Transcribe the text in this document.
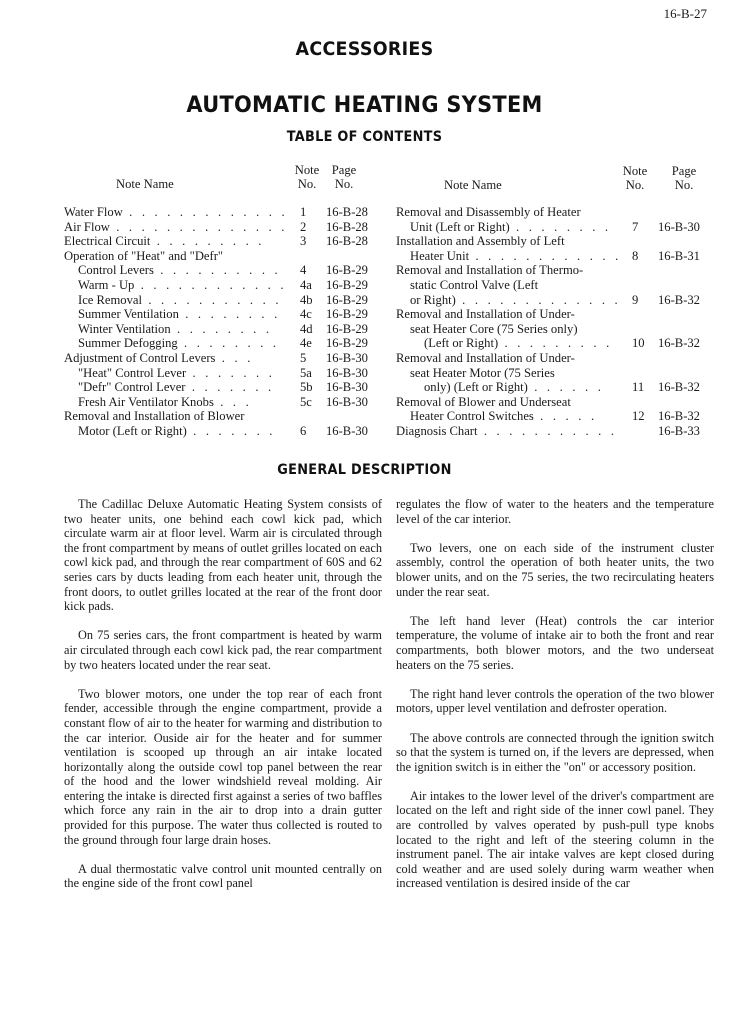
16-B-27
ACCESSORIES
AUTOMATIC HEATING SYSTEM
TABLE OF CONTENTS
Note Name
Note
No.
Page
No.
Water Flow . . . . . . . . . . . . . 1 16-B-28
Air Flow . . . . . . . . . . . . . . 2 16-B-28
Electrical Circuit . . . . . . . . .	3 16-B-28
Operation of "Heat" and "Defr"
Control Levers . . . . . . . . . . 4 16-B-29
Warm - Up . . . . . . . . . . . . 4a 16-B-29
Ice Removal . . . . . . . . . . . 4b 16-B-29
Summer Ventilation . . . . . . . . 4c 16-B-29
Winter Ventilation . . . . . . . . 4d 16-B-29
Summer Defogging . . . . . . . . 4e 16-B-29
Adjustment of Control Levers . . .	5 16-B-30
"Heat" Control Lever . . . . . . . 5a 16-B-30
"Defr" Control Lever . . . . . . . 5b 16-B-30
Fresh Air Ventilator Knobs . . .	5c 16-B-30
Removal and Installation of Blower
Motor (Left or Right) . . . . . . . 6 16-B-30
Note Name
Note
No.
Page
No.
Removal and Disassembly of Heater
Unit (Left or Right) . . . . . . . . 7 16-B-30
Installation and Assembly of Left
Heater Unit . . . . . . . . . . . . 8 16-B-31
Removal and Installation of Thermo-
static Control Valve (Left
or Right) . . . . . . . . . . . . . 9 16-B-32
Removal and Installation of Under-
seat Heater Core (75 Series only)
(Left or Right) . . . . . . . . . 10 16-B-32
Removal and Installation of Under-
seat Heater Motor (75 Series
only) (Left or Right) . . . . . . 11 16-B-32
Removal of Blower and Underseat
Heater Control Switches . . . . .	12 16-B-32
Diagnosis Chart . . . . . . . . . . .	16-B-33
GENERAL DESCRIPTION

The Cadillac Deluxe Automatic Heating System consists of two heater units, one behind each cowl kick pad, which circulate warm air at floor level. Warm air is circulated through the front compartment by means of outlet grilles located on each cowl kick pad, and through the rear compartment of 60S and 62 series cars by ducts leading from each heater unit, through the front doors, to outlet grilles located at the rear of the front door kick pads.

On 75 series cars, the front compartment is heated by warm air circulated through each cowl kick pad, the rear compartment by two heaters located under the rear seat.

Two blower motors, one under the top rear of each front fender, accessible through the engine compartment, provide a constant flow of air to the heater for warming and distribution to the car interior. Ouside air for the heater and for summer ventilation is scooped up through an air intake located horizontally along the outside cowl top panel between the rear of the hood and the lower windshield reveal molding. Air entering the intake is directed first against a series of two baffles which force any rain in the air to drop into a drain gutter provided for this purpose. The water thus collected is routed to the ground through four large drain hoses.

A dual thermostatic valve control unit mounted centrally on the engine side of the front cowl panel

regulates the flow of water to the heaters and the temperature level of the car interior.

Two levers, one on each side of the instrument cluster assembly, control the operation of both heater units, the two blower units, and on the 75 series, the two recirculating heaters under the rear seat.

The left hand lever (Heat) controls the car interior temperature, the volume of intake air to both the front and rear compartments, both blower motors, and the two underseat heaters on the 75 series.

The right hand lever controls the operation of the two blower motors, upper level ventilation and defroster operation.

The above controls are connected through the ignition switch so that the system is turned on, if the levers are depressed, when the ignition switch is in either the "on" or accessory position.

Air intakes to the lower level of the driver's compartment are located on the left and right side of the inner cowl panel. They are controlled by valves operated by push-pull type knobs located to the right and left of the steering column in the instrument panel. The air intake valves are kept closed during cold weather and are used solely during warm weather when increased ventilation is desired inside of the car
